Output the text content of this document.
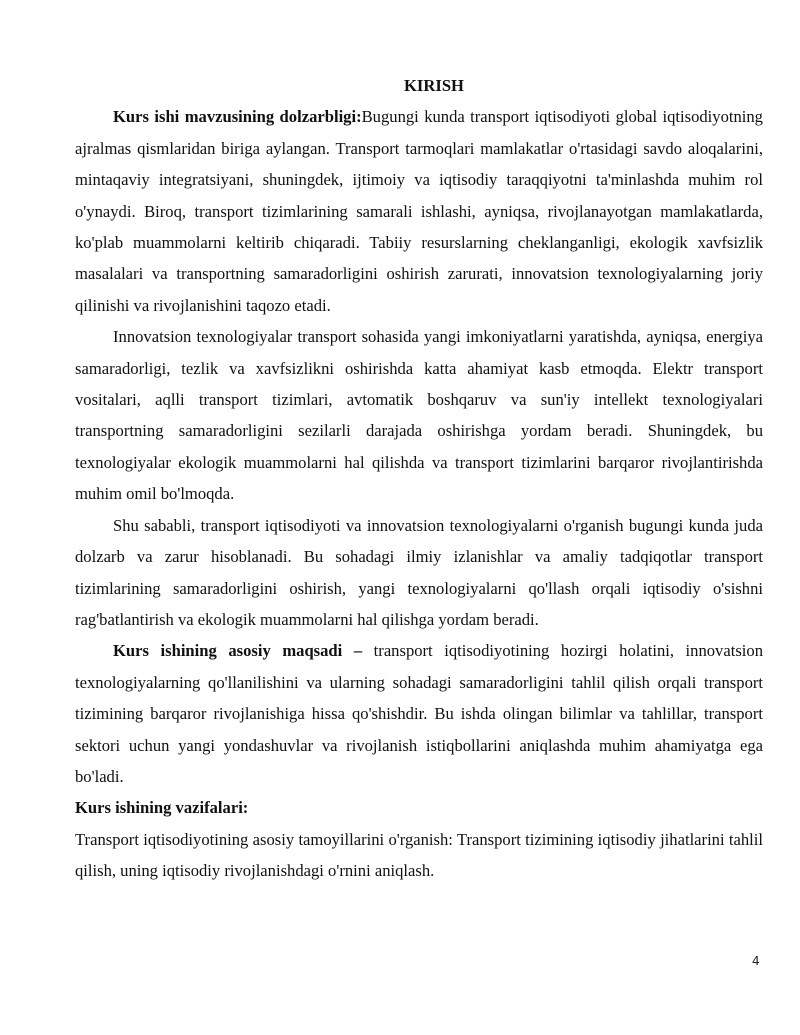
KIRISH

Kurs ishi mavzusining dolzarbligi:Bugungi kunda transport iqtisodiyoti global iqtisodiyotning ajralmas qismlaridan biriga aylangan. Transport tarmoqlari mamlakatlar o'rtasidagi savdo aloqalarini, mintaqaviy integratsiyani, shuningdek, ijtimoiy va iqtisodiy taraqqiyotni ta'minlashda muhim rol o'ynaydi. Biroq, transport tizimlarining samarali ishlashi, ayniqsa, rivojlanayotgan mamlakatlarda, ko'plab muammolarni keltirib chiqaradi. Tabiiy resurslarning cheklanganligi, ekologik xavfsizlik masalalari va transportning samaradorligini oshirish zarurati, innovatsion texnologiyalarning joriy qilinishi va rivojlanishini taqozo etadi.

Innovatsion texnologiyalar transport sohasida yangi imkoniyatlarni yaratishda, ayniqsa, energiya samaradorligi, tezlik va xavfsizlikni oshirishda katta ahamiyat kasb etmoqda. Elektr transport vositalari, aqlli transport tizimlari, avtomatik boshqaruv va sun'iy intellekt texnologiyalari transportning samaradorligini sezilarli darajada oshirishga yordam beradi. Shuningdek, bu texnologiyalar ekologik muammolarni hal qilishda va transport tizimlarini barqaror rivojlantirishda muhim omil bo'lmoqda.

Shu sababli, transport iqtisodiyoti va innovatsion texnologiyalarni o'rganish bugungi kunda juda dolzarb va zarur hisoblanadi. Bu sohadagi ilmiy izlanishlar va amaliy tadqiqotlar transport tizimlarining samaradorligini oshirish, yangi texnologiyalarni qo'llash orqali iqtisodiy o'sishni rag'batlantirish va ekologik muammolarni hal qilishga yordam beradi.

Kurs ishining asosiy maqsadi – transport iqtisodiyotining hozirgi holatini, innovatsion texnologiyalarning qo'llanilishini va ularning sohadagi samaradorligini tahlil qilish orqali transport tizimining barqaror rivojlanishiga hissa qo'shishdir. Bu ishda olingan bilimlar va tahlillar, transport sektori uchun yangi yondashuvlar va rivojlanish istiqbollarini aniqlashda muhim ahamiyatga ega bo'ladi.

Kurs ishining vazifalari:

Transport iqtisodiyotining asosiy tamoyillarini o'rganish: Transport tizimining iqtisodiy jihatlarini tahlil qilish, uning iqtisodiy rivojlanishdagi o'rnini aniqlash.

4
